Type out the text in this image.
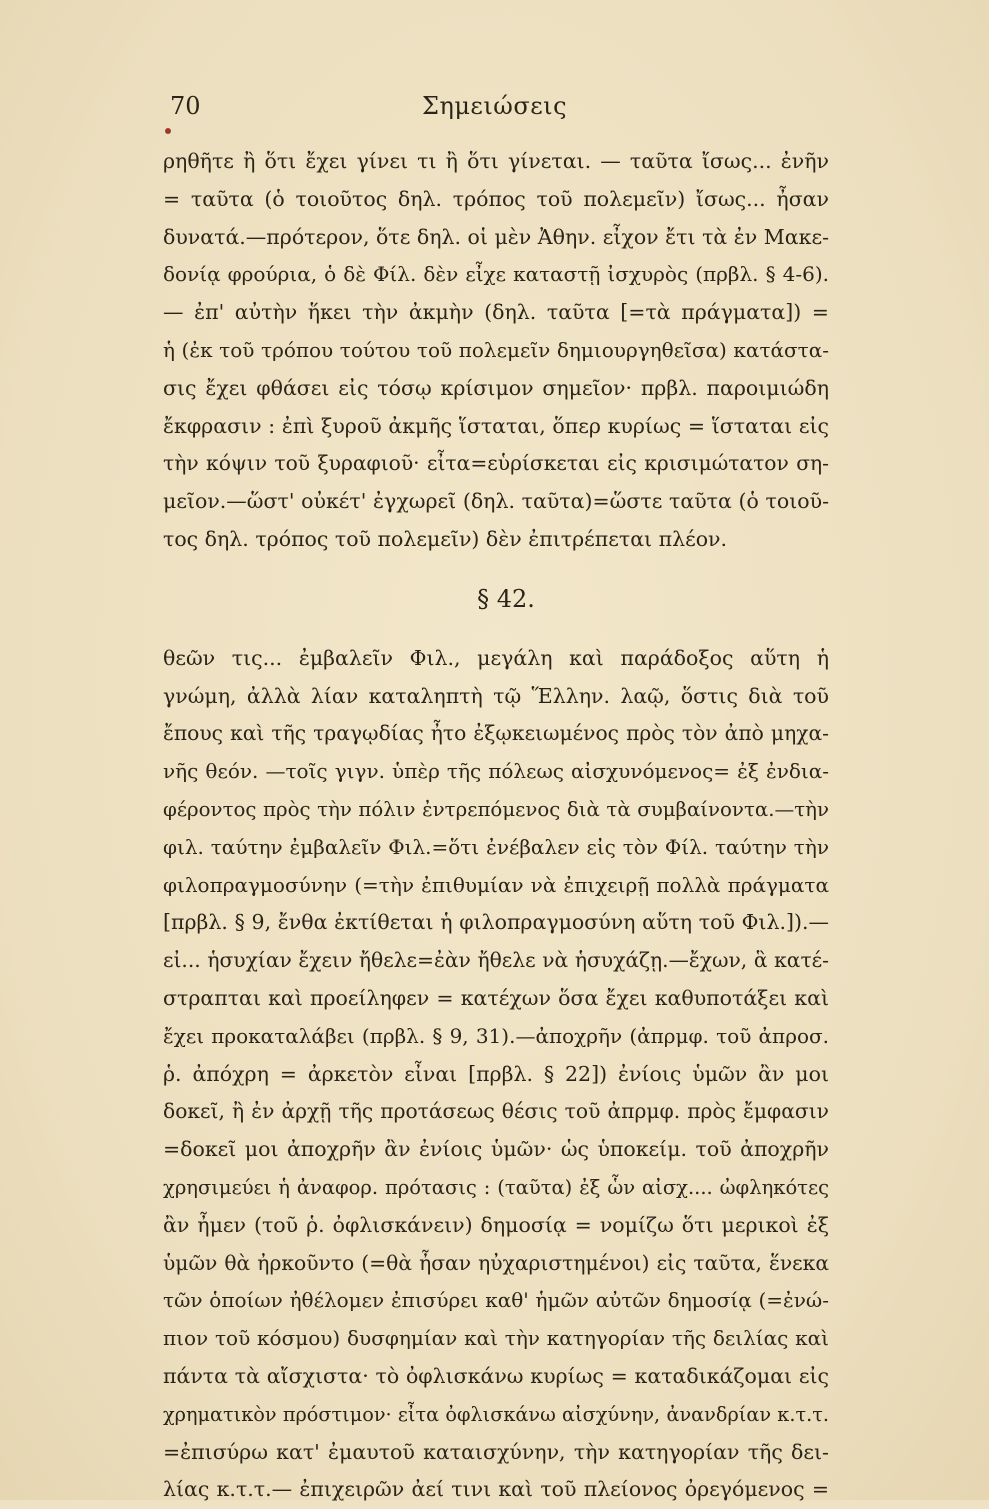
70	Σημειώσεις
ρηθῆτε ἢ ὅτι ἔχει γίνει τι ἢ ὅτι γίνεται. — ταῦτα ἴσως... ἐνῆν
= ταῦτα (ὁ τοιοῦτος δηλ. τρόπος τοῦ πολεμεῖν) ἴσως... ἦσαν
δυνατά.—πρότερον, ὅτε δηλ. οἱ μὲν Ἀθην. εἶχον ἔτι τὰ ἐν Μακε-
δονίᾳ φρούρια, ὁ δὲ Φίλ. δὲν εἶχε καταστῇ ἰσχυρὸς (πρβλ. § 4-6).
— ἐπ' αὐτὴν ἥκει τὴν ἀκμὴν (δηλ. ταῦτα [=τὰ πράγματα]) =
ἡ (ἐκ τοῦ τρόπου τούτου τοῦ πολεμεῖν δημιουργηθεῖσα) κατάστα-
σις ἔχει φθάσει εἰς τόσῳ κρίσιμον σημεῖον· πρβλ. παροιμιώδη
ἔκφρασιν : ἐπὶ ξυροῦ ἀκμῆς ἵσταται, ὅπερ κυρίως = ἵσταται εἰς
τὴν κόψιν τοῦ ξυραφιοῦ· εἶτα=εὑρίσκεται εἰς κρισιμώτατον ση-
μεῖον.—ὥστ' οὐκέτ' ἐγχωρεῖ (δηλ. ταῦτα)=ὥστε ταῦτα (ὁ τοιοῦ-
τος δηλ. τρόπος τοῦ πολεμεῖν) δὲν ἐπιτρέπεται πλέον.
§ 42.
θεῶν τις... ἐμβαλεῖν Φιλ., μεγάλη καὶ παράδοξος αὕτη ἡ
γνώμη, ἀλλὰ λίαν καταληπτὴ τῷ Ἕλλην. λαῷ, ὅστις διὰ τοῦ
ἔπους καὶ τῆς τραγῳδίας ἦτο ἐξῳκειωμένος πρὸς τὸν ἀπὸ μηχα-
νῆς θεόν. —τοῖς γιγν. ὑπὲρ τῆς πόλεως αἰσχυνόμενος= ἐξ ἐνδια-
φέροντος πρὸς τὴν πόλιν ἐντρεπόμενος διὰ τὰ συμβαίνοντα.—τὴν
φιλ. ταύτην ἐμβαλεῖν Φιλ.=ὅτι ἐνέβαλεν εἰς τὸν Φίλ. ταύτην τὴν
φιλοπραγμοσύνην (=τὴν ἐπιθυμίαν νὰ ἐπιχειρῇ πολλὰ πράγματα
[πρβλ. § 9, ἔνθα ἐκτίθεται ἡ φιλοπραγμοσύνη αὕτη τοῦ Φιλ.]).—
εἰ... ἡσυχίαν ἔχειν ἤθελε=ἐὰν ἤθελε νὰ ἡσυχάζῃ.—ἔχων, ἃ κατέ-
στραπται καὶ προείληφεν = κατέχων ὅσα ἔχει καθυποτάξει καὶ
ἔχει προκαταλάβει (πρβλ. § 9, 31).—ἀποχρῆν (ἀπρμφ. τοῦ ἀπροσ.
ῥ. ἀπόχρη = ἀρκετὸν εἶναι [πρβλ. § 22]) ἐνίοις ὑμῶν ἂν μοι
δοκεῖ, ἢ ἐν ἀρχῇ τῆς προτάσεως θέσις τοῦ ἀπρμφ. πρὸς ἔμφασιν
=δοκεῖ μοι ἀποχρῆν ἂν ἐνίοις ὑμῶν· ὡς ὑποκείμ. τοῦ ἀποχρῆν
χρησιμεύει ἡ ἀναφορ. πρότασις : (ταῦτα) ἐξ ὧν αἰσχ.... ὠφληκότες
ἂν ἦμεν (τοῦ ῥ. ὀφλισκάνειν) δημοσίᾳ = νομίζω ὅτι μερικοὶ ἐξ
ὑμῶν θὰ ἠρκοῦντο (=θὰ ἦσαν ηὐχαριστημένοι) εἰς ταῦτα, ἕνεκα
τῶν ὁποίων ἠθέλομεν ἐπισύρει καθ' ἡμῶν αὐτῶν δημοσίᾳ (=ἐνώ-
πιον τοῦ κόσμου) δυσφημίαν καὶ τὴν κατηγορίαν τῆς δειλίας καὶ
πάντα τὰ αἴσχιστα· τὸ ὀφλισκάνω κυρίως = καταδικάζομαι εἰς
χρηματικὸν πρόστιμον· εἶτα ὀφλισκάνω αἰσχύνην, ἀνανδρίαν κ.τ.τ.
=ἐπισύρω κατ' ἐμαυτοῦ καταισχύνην, τὴν κατηγορίαν τῆς δει-
λίας κ.τ.τ.— ἐπιχειρῶν ἀεί τινι καὶ τοῦ πλείονος ὀρεγόμενος =
